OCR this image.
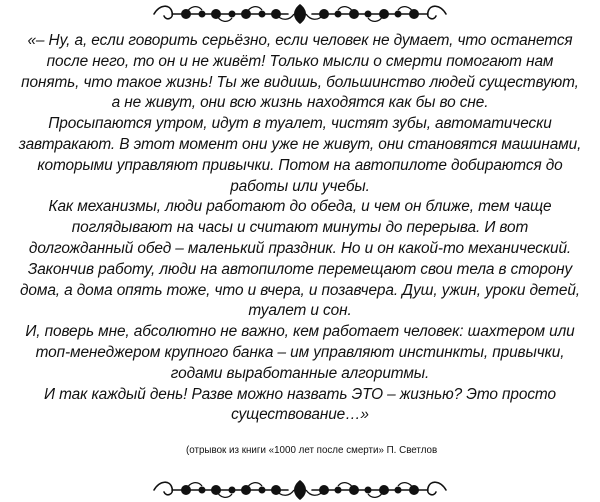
«– Ну, а, если говорить серьёзно, если человек не думает, что останется
после него, то он и не живёт! Только мысли о смерти помогают нам
понять, что такое жизнь! Ты же видишь, большинство людей существуют,
а не живут, они всю жизнь находятся как бы во сне.
Просыпаются утром, идут в туалет, чистят зубы, автоматически
завтракают. В этот момент они уже не живут, они становятся машинами,
которыми управляют привычки. Потом на автопилоте добираются до
работы или учебы.
Как механизмы, люди работают до обеда, и чем он ближе, тем чаще
поглядывают на часы и считают минуты до перерыва. И вот
долгожданный обед – маленький праздник. Но и он какой-то механический.
Закончив работу, люди на автопилоте перемещают свои тела в сторону
дома, а дома опять тоже, что и вчера, и позавчера. Душ, ужин, уроки детей,
туалет и сон.
И, поверь мне, абсолютно не важно, кем работает человек: шахтером или
топ-менеджером крупного банка – им управляют инстинкты, привычки,
годами выработанные алгоритмы.
И так каждый день! Разве можно назвать ЭТО – жизнью? Это просто
существование…»
(отрывок из книги «1000 лет после смерти» П. Светлов
